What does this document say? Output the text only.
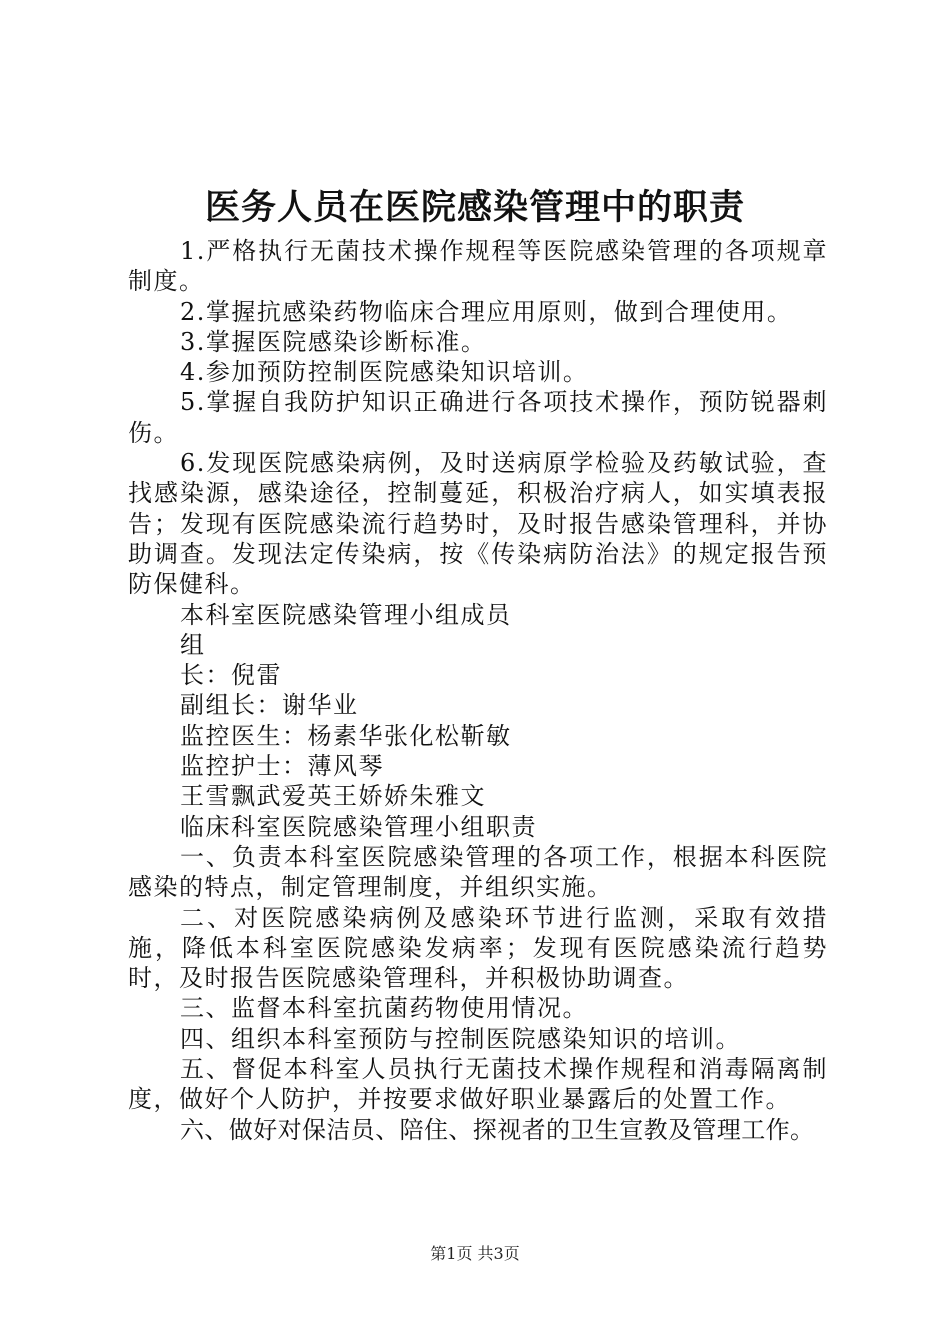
医务人员在医院感染管理中的职责

1.严格执行无菌技术操作规程等医院感染管理的各项规章制度。

2.掌握抗感染药物临床合理应用原则，做到合理使用。

3.掌握医院感染诊断标准。

4.参加预防控制医院感染知识培训。

5.掌握自我防护知识正确进行各项技术操作，预防锐器刺伤。

6.发现医院感染病例，及时送病原学检验及药敏试验，查找感染源，感染途径，控制蔓延，积极治疗病人，如实填表报告；发现有医院感染流行趋势时，及时报告感染管理科，并协助调查。发现法定传染病，按《传染病防治法》的规定报告预防保健科。

本科室医院感染管理小组成员

组

长：倪雷

副组长：谢华业

监控医生：杨素华张化松靳敏

监控护士：薄风琴

王雪飘武爱英王娇娇朱雅文

临床科室医院感染管理小组职责

一、负责本科室医院感染管理的各项工作，根据本科医院感染的特点，制定管理制度，并组织实施。

二、对医院感染病例及感染环节进行监测，采取有效措施，降低本科室医院感染发病率；发现有医院感染流行趋势时，及时报告医院感染管理科，并积极协助调查。

三、监督本科室抗菌药物使用情况。

四、组织本科室预防与控制医院感染知识的培训。

五、督促本科室人员执行无菌技术操作规程和消毒隔离制度，做好个人防护，并按要求做好职业暴露后的处置工作。

六、做好对保洁员、陪住、探视者的卫生宣教及管理工作。

第1页 共3页
